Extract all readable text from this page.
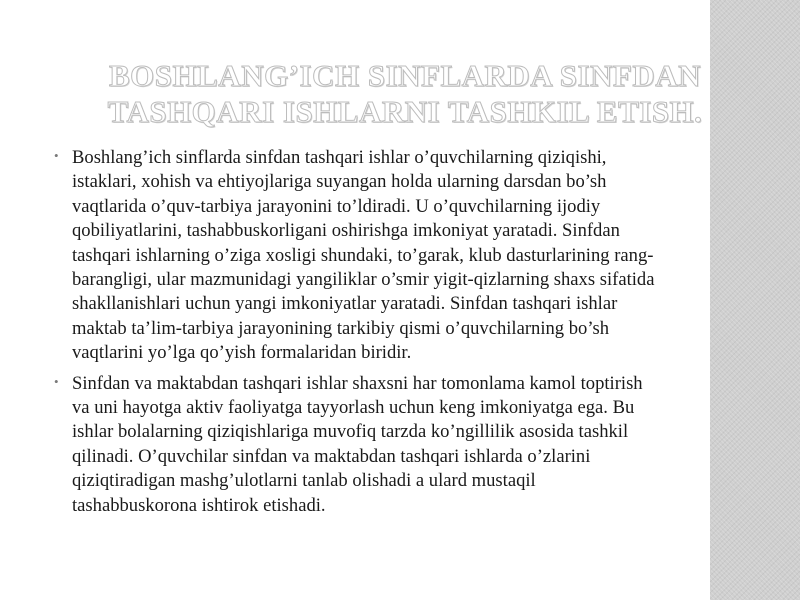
BOSHLANG’ICH SINFLARDA SINFDAN
TASHQARI ISHLARNI TASHKIL ETISH.
• Boshlang’ich sinflarda sinfdan tashqari ishlar o’quvchilarning qiziqishi, istaklari, xohish va ehtiyojlariga suyangan holda ularning darsdan bo’sh vaqtlarida o’quv-tarbiya jarayonini to’ldiradi. U o’quvchilarning ijodiy qobiliyatlarini, tashabbuskorligani oshirishga imkoniyat yaratadi. Sinfdan tashqari ishlarning o’ziga xosligi shundaki, to’garak, klub dasturlarining rang-barangligi, ular mazmunidagi yangiliklar o’smir yigit-qizlarning shaxs sifatida shakllanishlari uchun yangi imkoniyatlar yaratadi. Sinfdan tashqari ishlar maktab ta’lim-tarbiya jarayonining tarkibiy qismi o’quvchilarning bo’sh vaqtlarini yo’lga qo’yish formalaridan biridir.
• Sinfdan va maktabdan tashqari ishlar shaxsni har tomonlama kamol toptirish va uni hayotga aktiv faoliyatga tayyorlash uchun keng imkoniyatga ega. Bu ishlar bolalarning qiziqishlariga muvofiq tarzda ko’ngillilik asosida tashkil qilinadi. O’quvchilar sinfdan va maktabdan tashqari ishlarda o’zlarini qiziqtiradigan mashg’ulotlarni tanlab olishadi a ulard mustaqil tashabbuskorona ishtirok etishadi.
